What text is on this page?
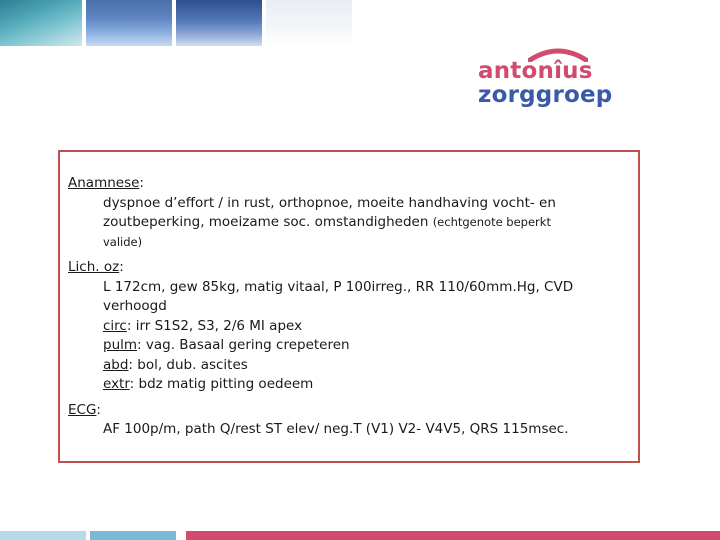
antonîus
zorggroep
Anamnese:
dyspnoe d’effort / in rust, orthopnoe, moeite handhaving vocht- en
zoutbeperking, moeizame soc. omstandigheden (echtgenote beperkt
valide)
Lich. oz:
L 172cm, gew 85kg, matig vitaal, P 100irreg., RR 110/60mm.Hg, CVD
verhoogd
circ: irr S1S2, S3, 2/6 MI apex
pulm: vag. Basaal gering crepeteren
abd: bol, dub. ascites
extr: bdz matig pitting oedeem
ECG:
AF 100p/m, path Q/rest ST elev/ neg.T (V1) V2- V4V5, QRS 115msec.
